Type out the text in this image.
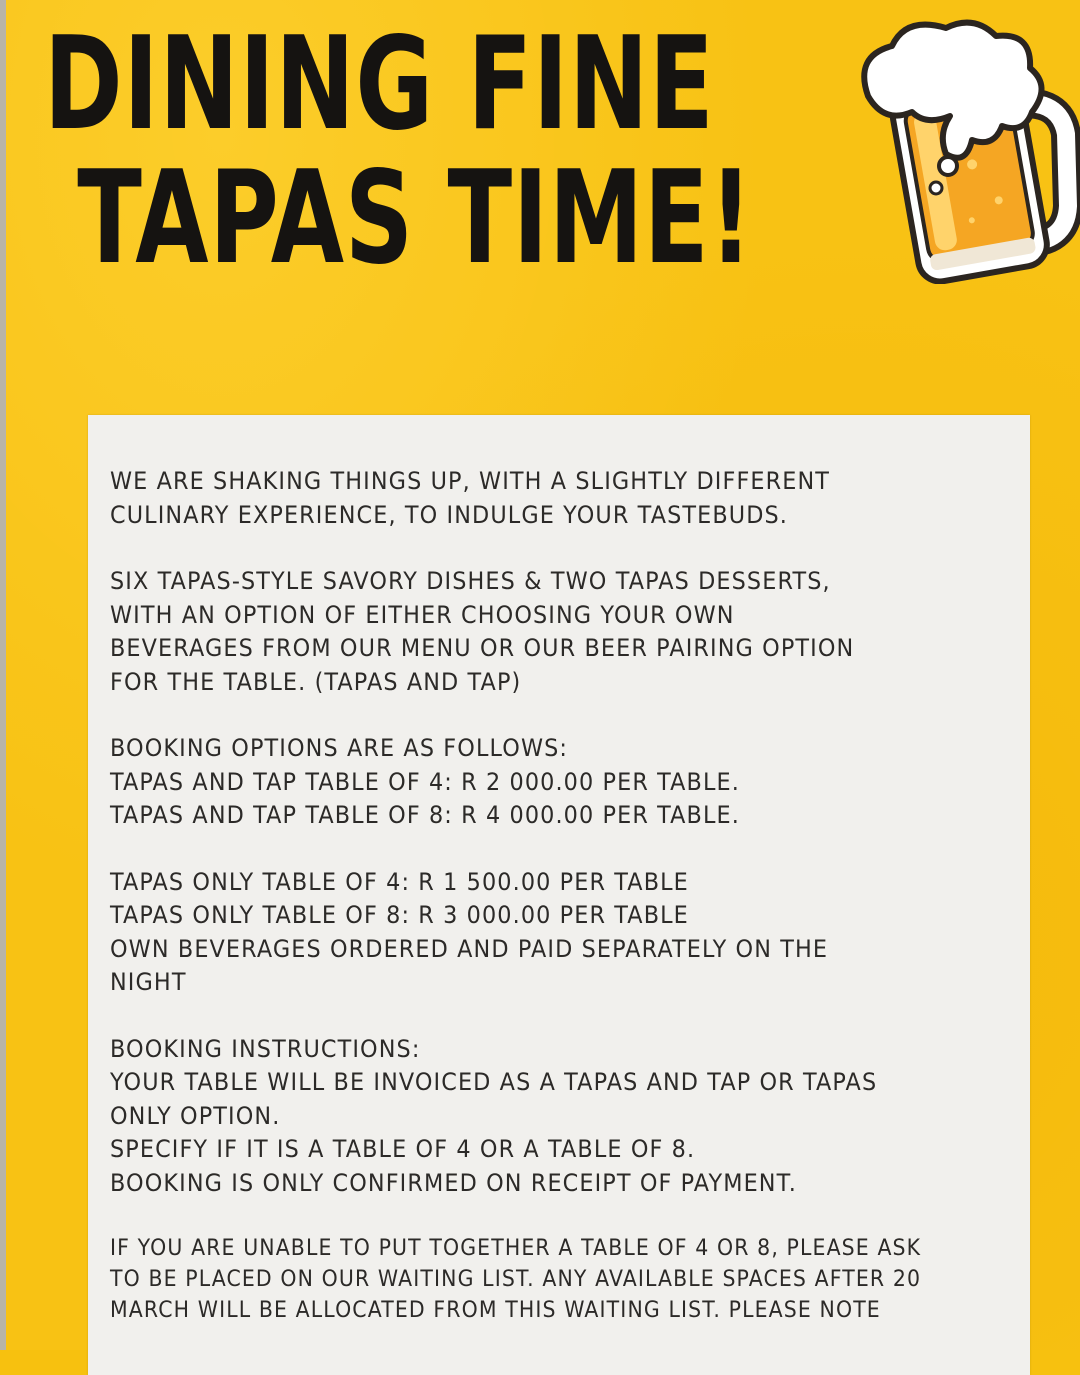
DINING FINE
TAPAS TIME!

WE ARE SHAKING THINGS UP, WITH A SLIGHTLY DIFFERENT
CULINARY EXPERIENCE, TO INDULGE YOUR TASTEBUDS.

SIX TAPAS-STYLE SAVORY DISHES & TWO TAPAS DESSERTS,
WITH AN OPTION OF EITHER CHOOSING YOUR OWN
BEVERAGES FROM OUR MENU OR OUR BEER PAIRING OPTION
FOR THE TABLE. (TAPAS AND TAP)

BOOKING OPTIONS ARE AS FOLLOWS:
TAPAS AND TAP TABLE OF 4: R 2 000.00 PER TABLE.
TAPAS AND TAP TABLE OF 8: R 4 000.00 PER TABLE.

TAPAS ONLY TABLE OF 4: R 1 500.00 PER TABLE
TAPAS ONLY TABLE OF 8: R 3 000.00 PER TABLE
OWN BEVERAGES ORDERED AND PAID SEPARATELY ON THE
NIGHT

BOOKING INSTRUCTIONS:
YOUR TABLE WILL BE INVOICED AS A TAPAS AND TAP OR TAPAS
ONLY OPTION.
SPECIFY IF IT IS A TABLE OF 4 OR A TABLE OF 8.
BOOKING IS ONLY CONFIRMED ON RECEIPT OF PAYMENT.

IF YOU ARE UNABLE TO PUT TOGETHER A TABLE OF 4 OR 8, PLEASE ASK
TO BE PLACED ON OUR WAITING LIST. ANY AVAILABLE SPACES AFTER 20
MARCH WILL BE ALLOCATED FROM THIS WAITING LIST. PLEASE NOTE
